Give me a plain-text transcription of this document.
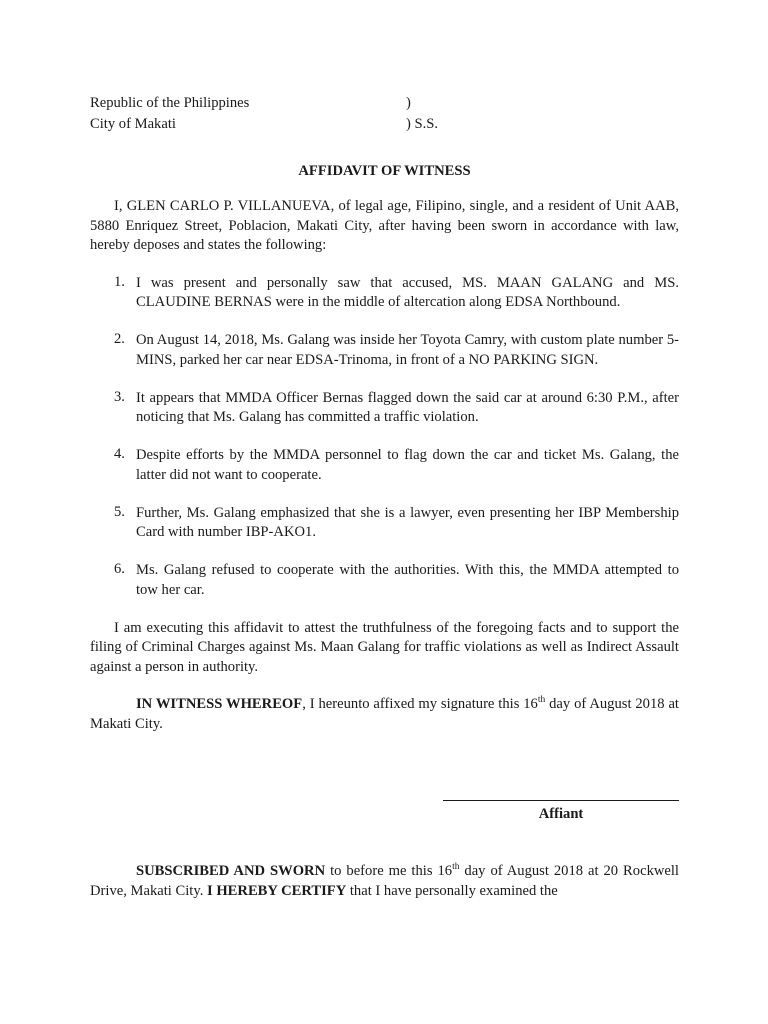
Republic of the Philippines	)
City of Makati	) S.S.
AFFIDAVIT OF WITNESS

I, GLEN CARLO P. VILLANUEVA, of legal age, Filipino, single, and a resident of Unit AAB, 5880 Enriquez Street, Poblacion, Makati City, after having been sworn in accordance with law, hereby deposes and states the following:

1. I was present and personally saw that accused, MS. MAAN GALANG and MS. CLAUDINE BERNAS were in the middle of altercation along EDSA Northbound.
2. On August 14, 2018, Ms. Galang was inside her Toyota Camry, with custom plate number 5-MINS, parked her car near EDSA-Trinoma, in front of a NO PARKING SIGN.
3. It appears that MMDA Officer Bernas flagged down the said car at around 6:30 P.M., after noticing that Ms. Galang has committed a traffic violation.
4. Despite efforts by the MMDA personnel to flag down the car and ticket Ms. Galang, the latter did not want to cooperate.
5. Further, Ms. Galang emphasized that she is a lawyer, even presenting her IBP Membership Card with number IBP-AKO1.
6. Ms. Galang refused to cooperate with the authorities. With this, the MMDA attempted to tow her car.

I am executing this affidavit to attest the truthfulness of the foregoing facts and to support the filing of Criminal Charges against Ms. Maan Galang for traffic violations as well as Indirect Assault against a person in authority.

IN WITNESS WHEREOF, I hereunto affixed my signature this 16th day of August 2018 at Makati City.

Affiant

SUBSCRIBED AND SWORN to before me this 16th day of August 2018 at 20 Rockwell Drive, Makati City. I HEREBY CERTIFY that I have personally examined the
